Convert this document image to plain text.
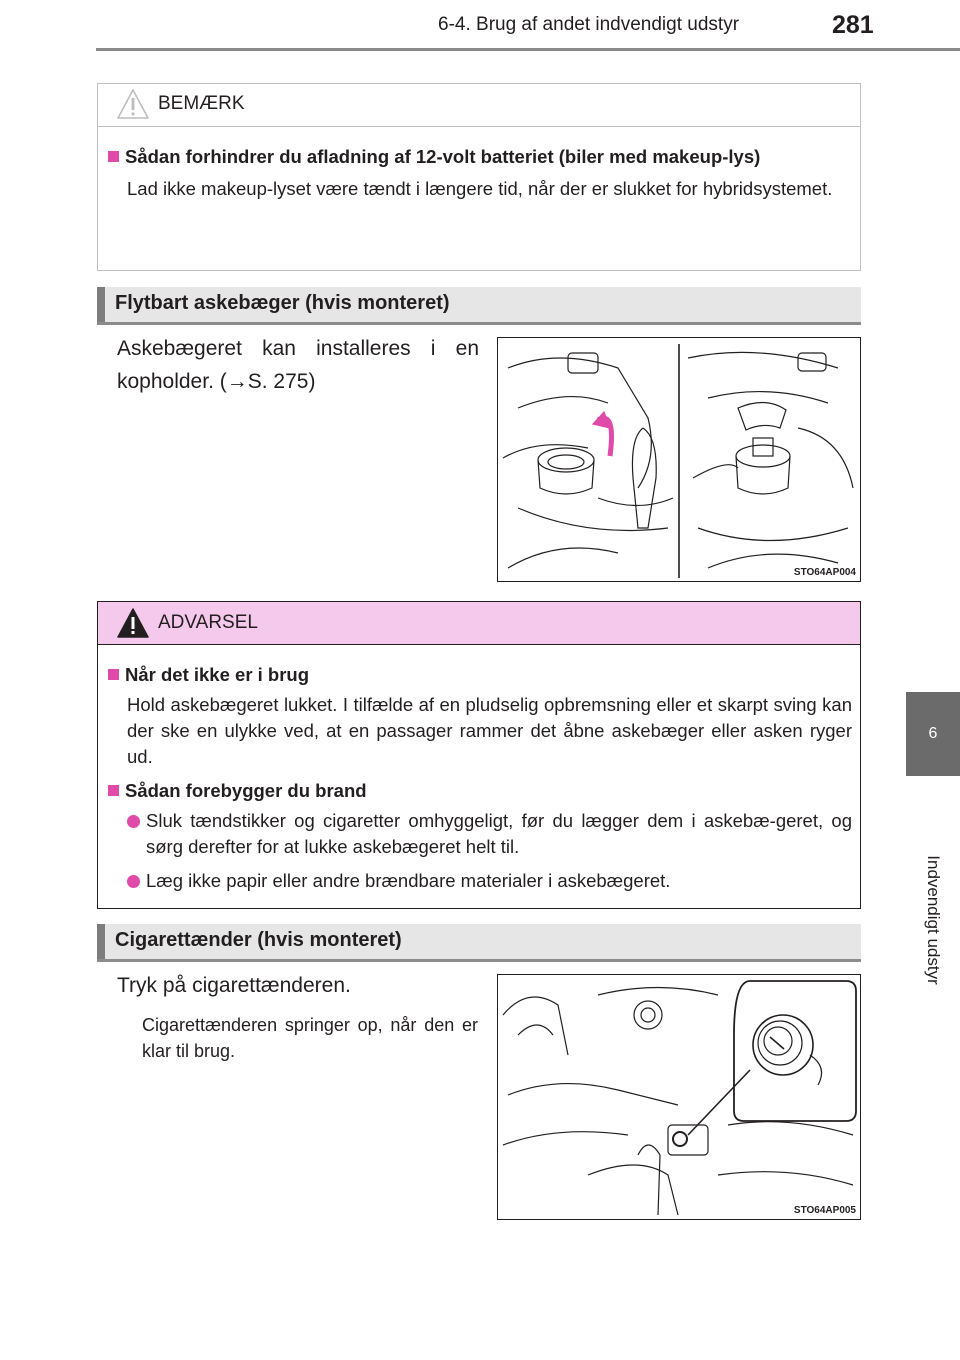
6-4. Brug af andet indvendigt udstyr	281
6
Indvendigt udstyr
BEMÆRK
Sådan forhindrer du afladning af 12-volt batteriet (biler med makeup-lys)
Lad ikke makeup-lyset være tændt i længere tid, når der er slukket for hybridsystemet.
Flytbart askebæger (hvis monteret)
Askebægeret kan installeres i en
kopholder. (→S. 275)
STO64AP004
ADVARSEL
Når det ikke er i brug
Hold askebægeret lukket. I tilfælde af en pludselig opbremsning eller et skarpt sving kan der ske en ulykke ved, at en passager rammer det åbne askebæger eller asken ryger ud.
Sådan forebygger du brand
Sluk tændstikker og cigaretter omhyggeligt, før du lægger dem i askebæ-geret, og sørg derefter for at lukke askebægeret helt til.
Læg ikke papir eller andre brændbare materialer i askebægeret.
Cigarettænder (hvis monteret)
Tryk på cigarettænderen.
Cigarettænderen springer op, når den er klar til brug.
STO64AP005
